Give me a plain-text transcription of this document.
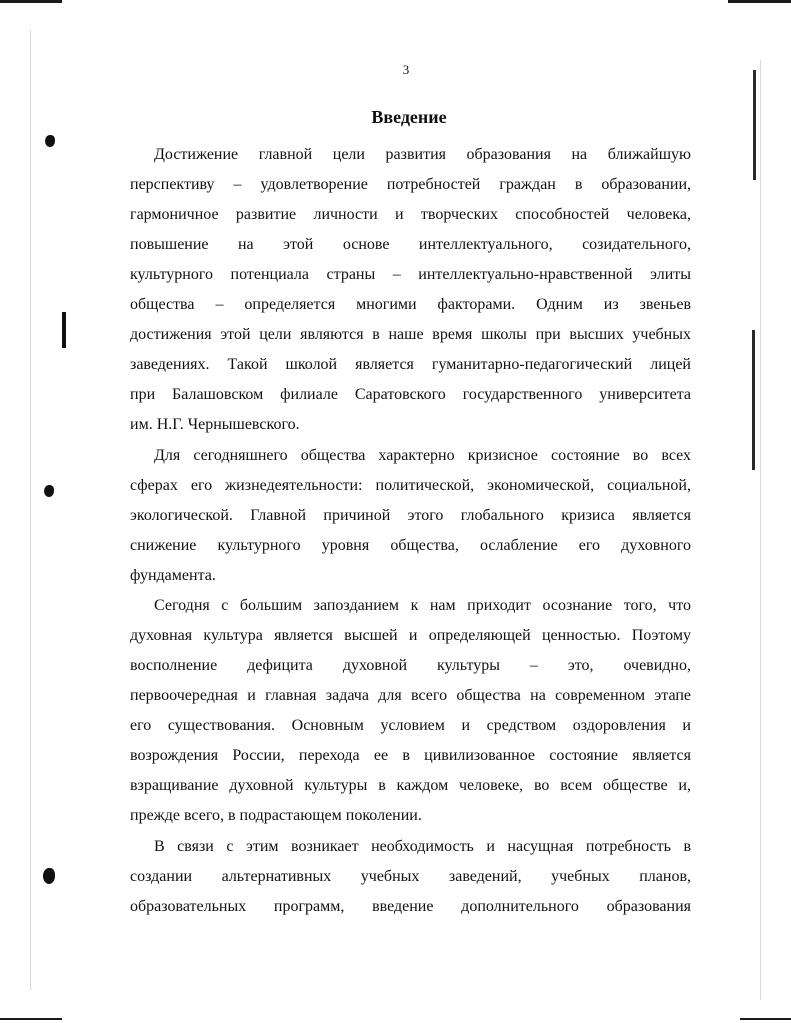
3
Введение
Достижение главной цели развития образования на ближайшую
перспективу – удовлетворение потребностей граждан в образовании,
гармоничное развитие личности и творческих способностей человека,
повышение на этой основе интеллектуального, созидательного,
культурного потенциала страны – интеллектуально-нравственной элиты
общества – определяется многими факторами. Одним из звеньев
достижения этой цели являются в наше время школы при высших учебных
заведениях. Такой школой является гуманитарно-педагогический лицей
при Балашовском филиале Саратовского государственного университета
им. Н.Г. Чернышевского.
Для сегодняшнего общества характерно кризисное состояние во всех
сферах его жизнедеятельности: политической, экономической, социальной,
экологической. Главной причиной этого глобального кризиса является
снижение культурного уровня общества, ослабление его духовного
фундамента.
Сегодня с большим запозданием к нам приходит осознание того, что
духовная культура является высшей и определяющей ценностью. Поэтому
восполнение дефицита духовной культуры – это, очевидно,
первоочередная и главная задача для всего общества на современном этапе
его существования. Основным условием и средством оздоровления и
возрождения России, перехода ее в цивилизованное состояние является
взращивание духовной культуры в каждом человеке, во всем обществе и,
прежде всего, в подрастающем поколении.
В связи с этим возникает необходимость и насущная потребность в
создании альтернативных учебных заведений, учебных планов,
образовательных программ, введение дополнительного образования
